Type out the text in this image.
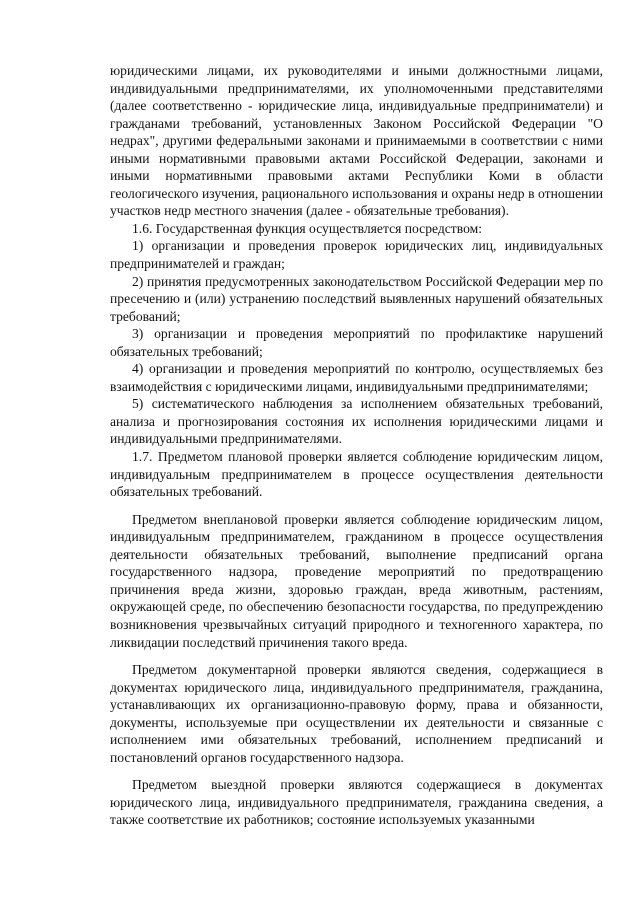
юридическими лицами, их руководителями и иными должностными лицами, индивидуальными предпринимателями, их уполномоченными представителями (далее соответственно - юридические лица, индивидуальные предприниматели) и гражданами требований, установленных Законом Российской Федерации "О недрах", другими федеральными законами и принимаемыми в соответствии с ними иными нормативными правовыми актами Российской Федерации, законами и иными нормативными правовыми актами Республики Коми в области геологического изучения, рационального использования и охраны недр в отношении участков недр местного значения (далее - обязательные требования).

1.6. Государственная функция осуществляется посредством:

1) организации и проведения проверок юридических лиц, индивидуальных предпринимателей и граждан;

2) принятия предусмотренных законодательством Российской Федерации мер по пресечению и (или) устранению последствий выявленных нарушений обязательных требований;

3) организации и проведения мероприятий по профилактике нарушений обязательных требований;

4) организации и проведения мероприятий по контролю, осуществляемых без взаимодействия с юридическими лицами, индивидуальными предпринимателями;

5) систематического наблюдения за исполнением обязательных требований, анализа и прогнозирования состояния их исполнения юридическими лицами и индивидуальными предпринимателями.

1.7. Предметом плановой проверки является соблюдение юридическим лицом, индивидуальным предпринимателем в процессе осуществления деятельности обязательных требований.

Предметом внеплановой проверки является соблюдение юридическим лицом, индивидуальным предпринимателем, гражданином в процессе осуществления деятельности обязательных требований, выполнение предписаний органа государственного надзора, проведение мероприятий по предотвращению причинения вреда жизни, здоровью граждан, вреда животным, растениям, окружающей среде, по обеспечению безопасности государства, по предупреждению возникновения чрезвычайных ситуаций природного и техногенного характера, по ликвидации последствий причинения такого вреда.

Предметом документарной проверки являются сведения, содержащиеся в документах юридического лица, индивидуального предпринимателя, гражданина, устанавливающих их организационно-правовую форму, права и обязанности, документы, используемые при осуществлении их деятельности и связанные с исполнением ими обязательных требований, исполнением предписаний и постановлений органов государственного надзора.

Предметом выездной проверки являются содержащиеся в документах юридического лица, индивидуального предпринимателя, гражданина сведения, а также соответствие их работников; состояние используемых указанными
